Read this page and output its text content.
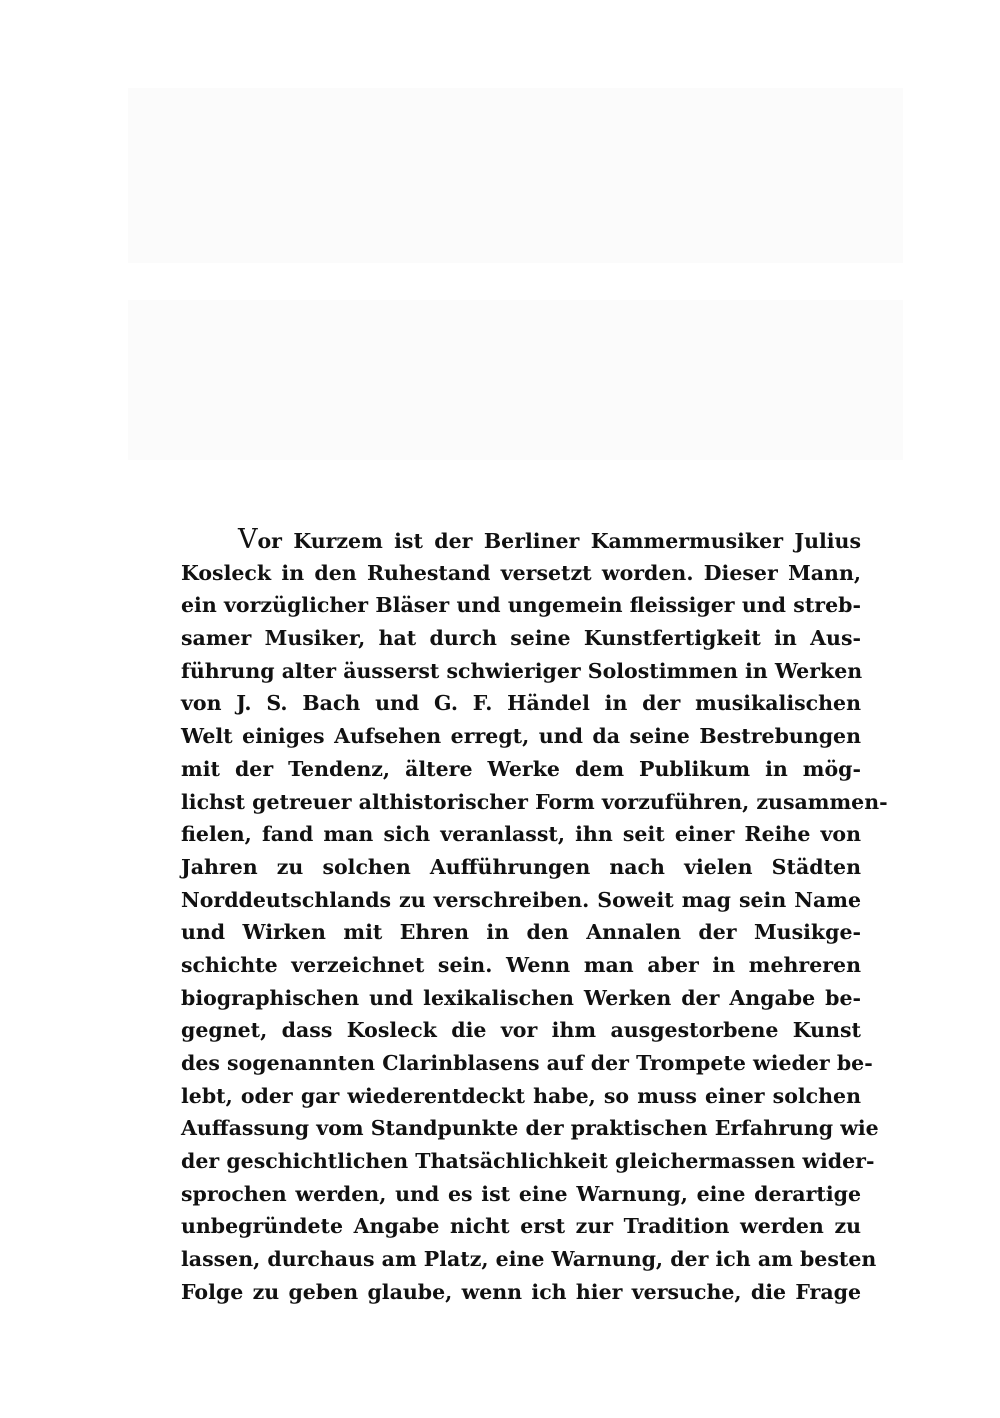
Vor Kurzem ist der Berliner Kammermusiker Julius
Kosleck in den Ruhestand versetzt worden. Dieser Mann,
ein vorzüglicher Bläser und ungemein fleissiger und streb-
samer Musiker, hat durch seine Kunstfertigkeit in Aus-
führung alter äusserst schwieriger Solostimmen in Werken
von J. S. Bach und G. F. Händel in der musikalischen
Welt einiges Aufsehen erregt, und da seine Bestrebungen
mit der Tendenz, ältere Werke dem Publikum in mög-
lichst getreuer althistorischer Form vorzuführen, zusammen-
fielen, fand man sich veranlasst, ihn seit einer Reihe von
Jahren zu solchen Aufführungen nach vielen Städten
Norddeutschlands zu verschreiben. Soweit mag sein Name
und Wirken mit Ehren in den Annalen der Musikge-
schichte verzeichnet sein. Wenn man aber in mehreren
biographischen und lexikalischen Werken der Angabe be-
gegnet, dass Kosleck die vor ihm ausgestorbene Kunst
des sogenannten Clarinblasens auf der Trompete wieder be-
lebt, oder gar wiederentdeckt habe, so muss einer solchen
Auffassung vom Standpunkte der praktischen Erfahrung wie
der geschichtlichen Thatsächlichkeit gleichermassen wider-
sprochen werden, und es ist eine Warnung, eine derartige
unbegründete Angabe nicht erst zur Tradition werden zu
lassen, durchaus am Platz, eine Warnung, der ich am besten
Folge zu geben glaube, wenn ich hier versuche, die Frage
